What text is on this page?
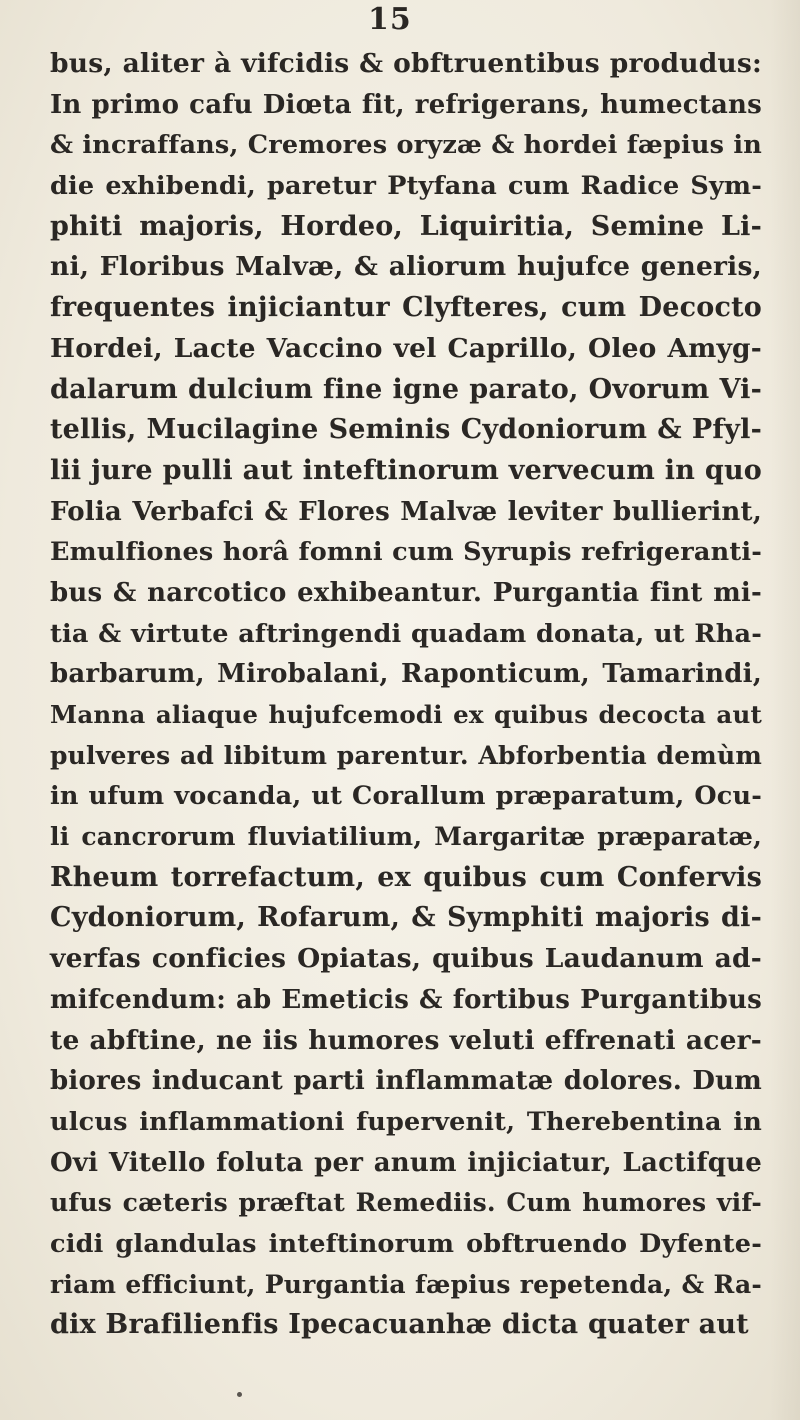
15
bus, aliter à vifcidis & obftruentibus produdus:
In primo cafu Diœta fit, refrigerans, humectans
& incraffans, Cremores oryzæ & hordei fæpius in
die exhibendi, paretur Ptyfana cum Radice Sym-
phiti majoris, Hordeo, Liquiritia, Semine Li-
ni, Floribus Malvæ, & aliorum hujufce generis,
frequentes injiciantur Clyfteres, cum Decocto
Hordei, Lacte Vaccino vel Caprillo, Oleo Amyg-
dalarum dulcium fine igne parato, Ovorum Vi-
tellis, Mucilagine Seminis Cydoniorum & Pfyl-
lii jure pulli aut inteftinorum vervecum in quo
Folia Verbafci & Flores Malvæ leviter bullierint,
Emulfiones horâ fomni cum Syrupis refrigeranti-
bus & narcotico exhibeantur. Purgantia fint mi-
tia & virtute aftringendi quadam donata, ut Rha-
barbarum, Mirobalani, Raponticum, Tamarindi,
Manna aliaque hujufcemodi ex quibus decocta aut
pulveres ad libitum parentur. Abforbentia demùm
in ufum vocanda, ut Corallum præparatum, Ocu-
li cancrorum fluviatilium, Margaritæ præparatæ,
Rheum torrefactum, ex quibus cum Confervis
Cydoniorum, Rofarum, & Symphiti majoris di-
verfas conficies Opiatas, quibus Laudanum ad-
mifcendum: ab Emeticis & fortibus Purgantibus
te abftine, ne iis humores veluti effrenati acer-
biores inducant parti inflammatæ dolores. Dum
ulcus inflammationi fupervenit, Therebentina in
Ovi Vitello foluta per anum injiciatur, Lactifque
ufus cæteris præftat Remediis. Cum humores vif-
cidi glandulas inteftinorum obftruendo Dyfente-
riam efficiunt, Purgantia fæpius repetenda, & Ra-
dix Brafilienfis Ipecacuanhæ dicta quater aut
